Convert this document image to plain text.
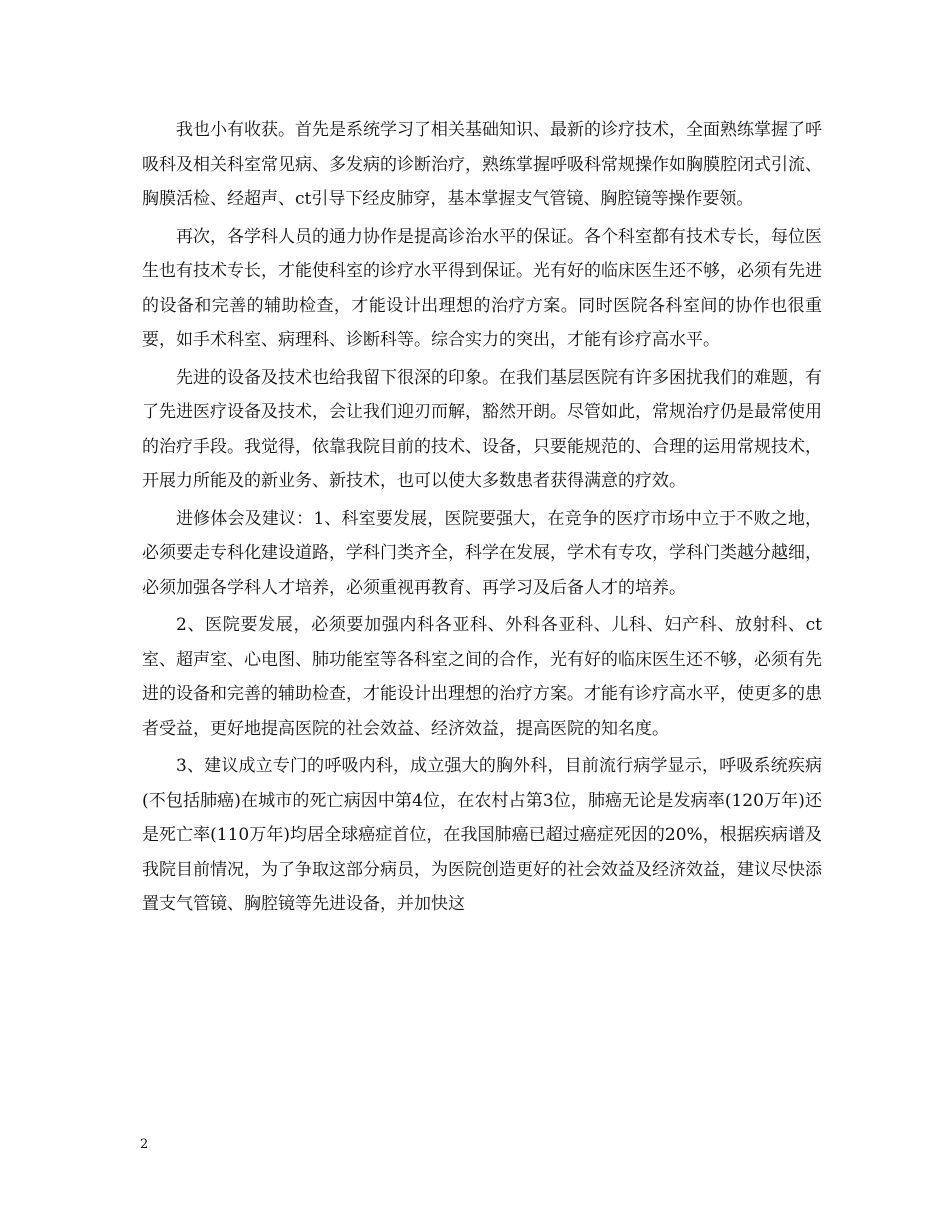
我也小有收获。首先是系统学习了相关基础知识、最新的诊疗技术，全面熟练掌握了呼吸科及相关科室常见病、多发病的诊断治疗，熟练掌握呼吸科常规操作如胸膜腔闭式引流、胸膜活检、经超声、ct引导下经皮肺穿，基本掌握支气管镜、胸腔镜等操作要领。

再次，各学科人员的通力协作是提高诊治水平的保证。各个科室都有技术专长，每位医生也有技术专长，才能使科室的诊疗水平得到保证。光有好的临床医生还不够，必须有先进的设备和完善的辅助检查，才能设计出理想的治疗方案。同时医院各科室间的协作也很重要，如手术科室、病理科、诊断科等。综合实力的突出，才能有诊疗高水平。

先进的设备及技术也给我留下很深的印象。在我们基层医院有许多困扰我们的难题，有了先进医疗设备及技术，会让我们迎刃而解，豁然开朗。尽管如此，常规治疗仍是最常使用的治疗手段。我觉得，依靠我院目前的技术、设备，只要能规范的、合理的运用常规技术，开展力所能及的新业务、新技术，也可以使大多数患者获得满意的疗效。

进修体会及建议：1、科室要发展，医院要强大，在竞争的医疗市场中立于不败之地，必须要走专科化建设道路，学科门类齐全，科学在发展，学术有专攻，学科门类越分越细，必须加强各学科人才培养，必须重视再教育、再学习及后备人才的培养。

2、医院要发展，必须要加强内科各亚科、外科各亚科、儿科、妇产科、放射科、ct室、超声室、心电图、肺功能室等各科室之间的合作，光有好的临床医生还不够，必须有先进的设备和完善的辅助检查，才能设计出理想的治疗方案。才能有诊疗高水平，使更多的患者受益，更好地提高医院的社会效益、经济效益，提高医院的知名度。

3、建议成立专门的呼吸内科，成立强大的胸外科，目前流行病学显示，呼吸系统疾病(不包括肺癌)在城市的死亡病因中第4位，在农村占第3位，肺癌无论是发病率(120万年)还是死亡率(110万年)均居全球癌症首位，在我国肺癌已超过癌症死因的20%，根据疾病谱及我院目前情况，为了争取这部分病员，为医院创造更好的社会效益及经济效益，建议尽快添置支气管镜、胸腔镜等先进设备，并加快这

2
